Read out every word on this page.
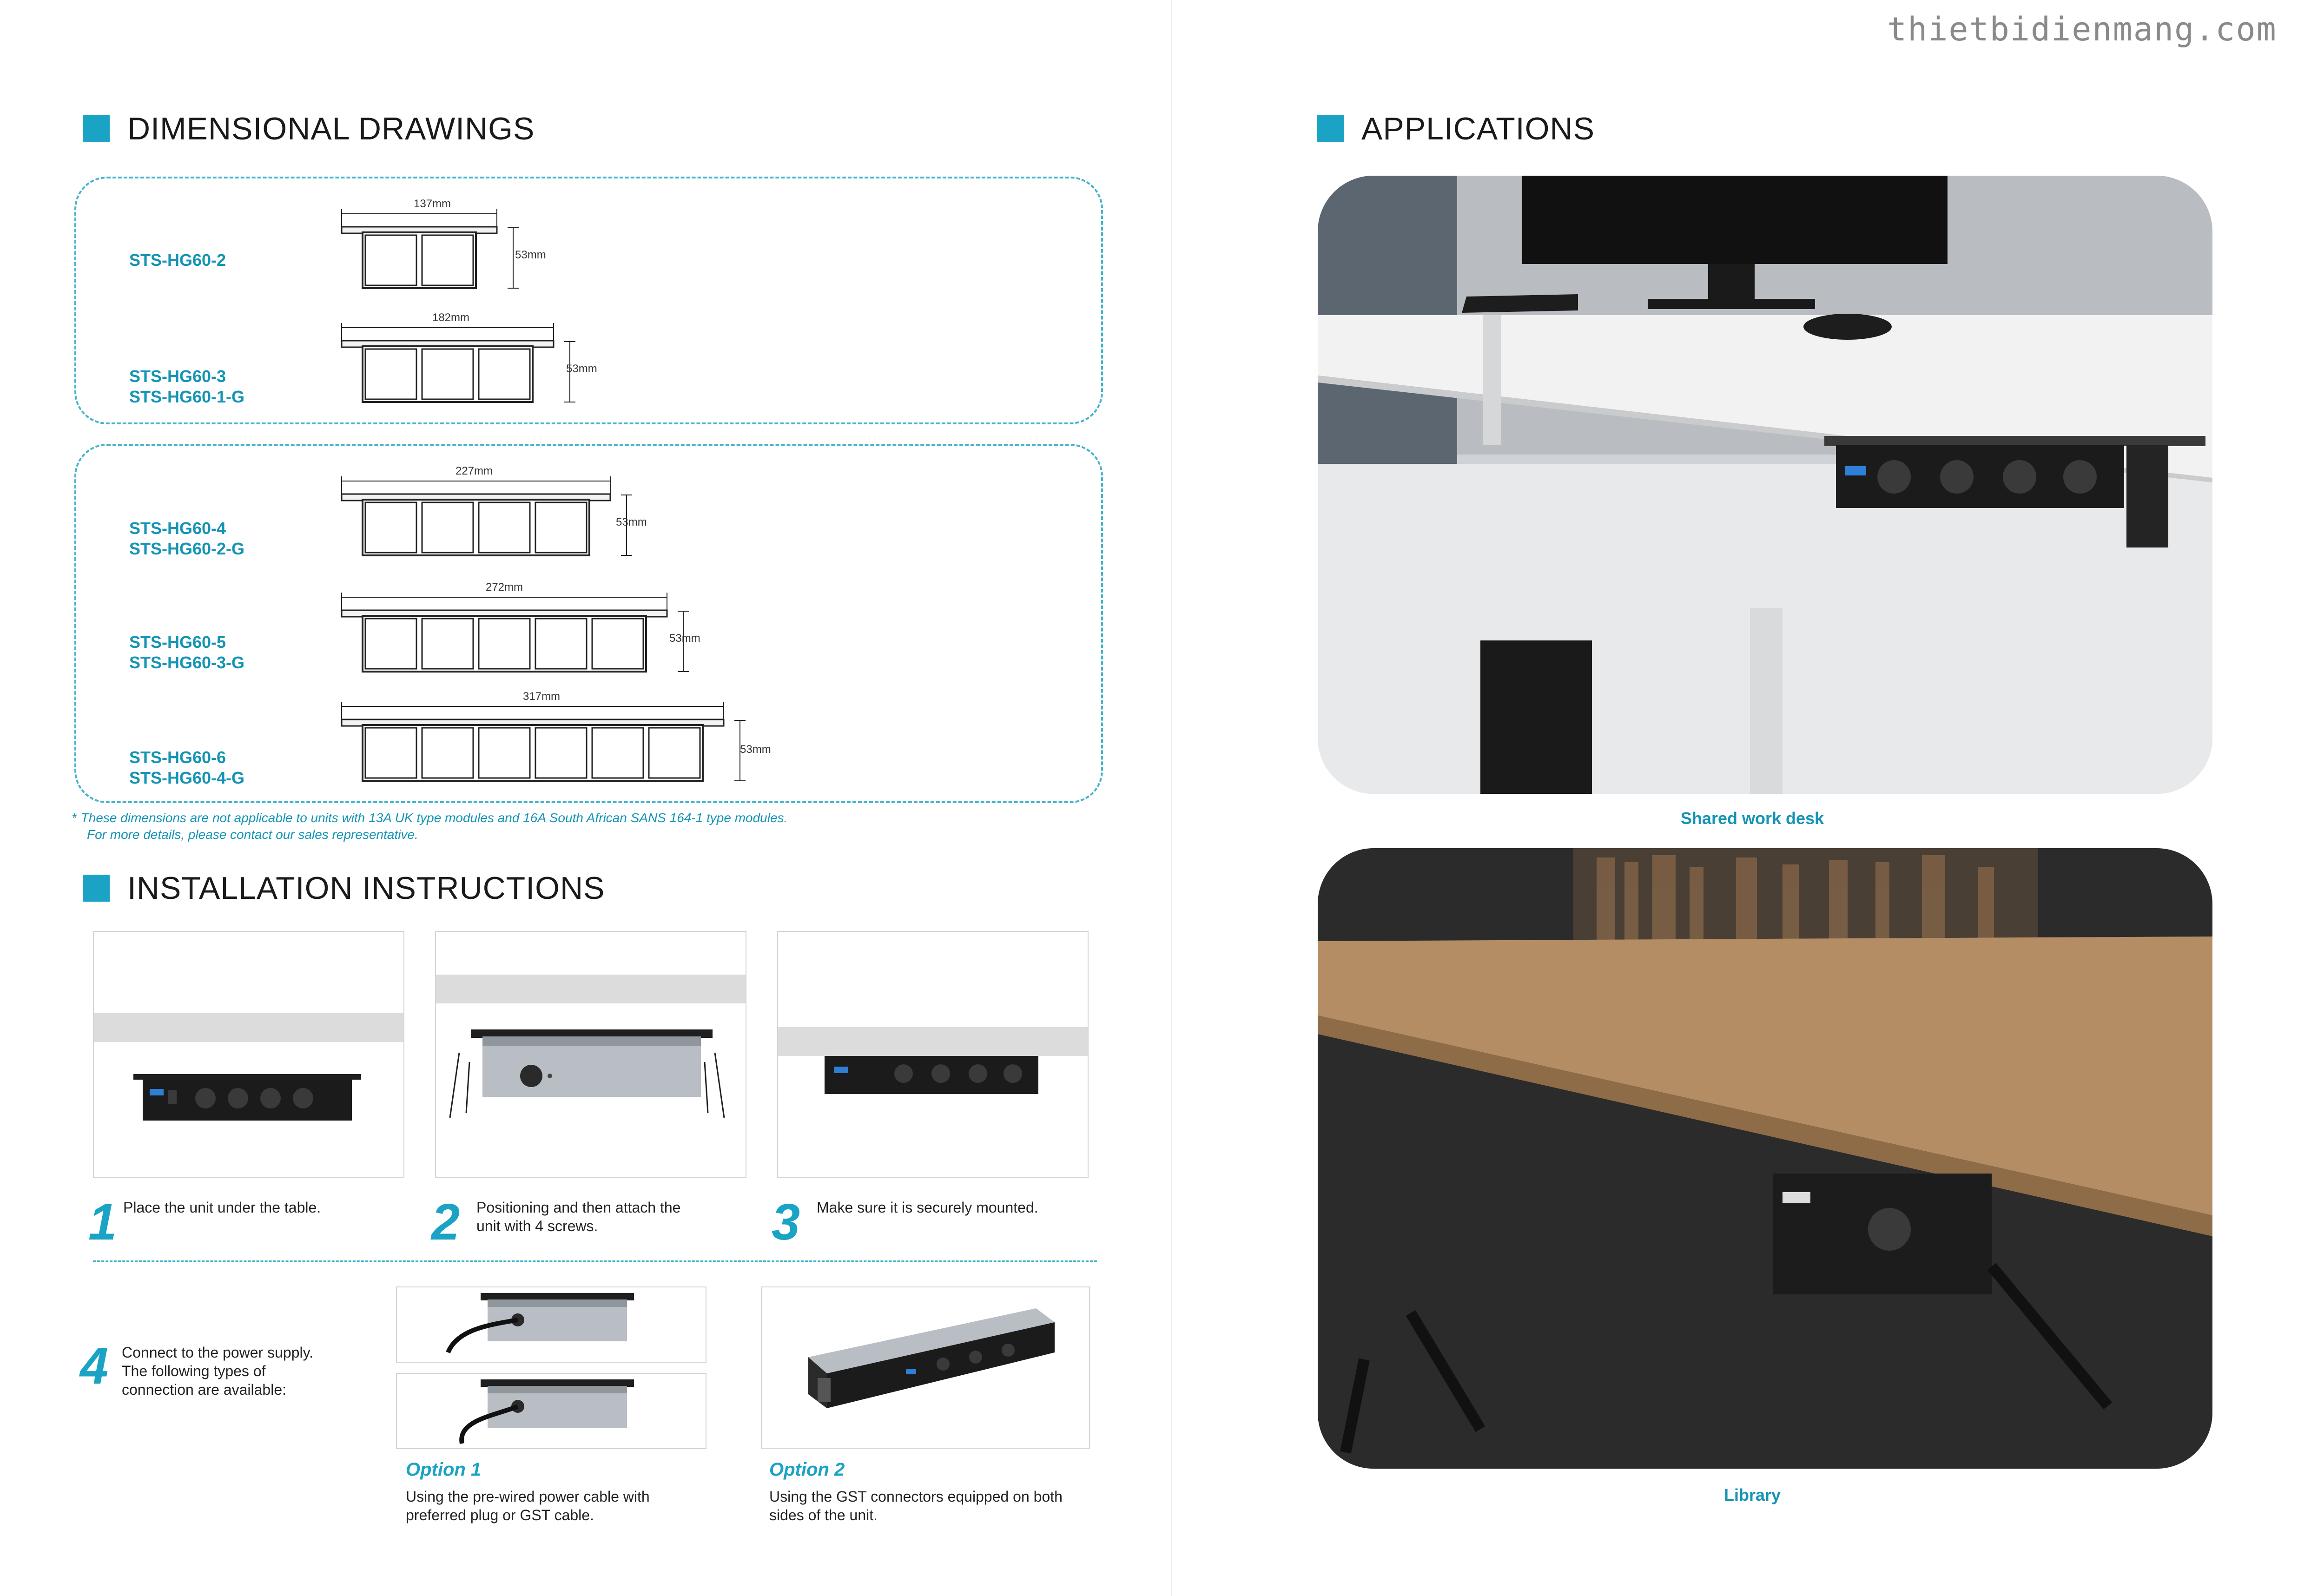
thietbidienmang.com
DIMENSIONAL DRAWINGS
STS-HG60-2
STS-HG60-3
STS-HG60-1-G
STS-HG60-4
STS-HG60-2-G
STS-HG60-5
STS-HG60-3-G
STS-HG60-6
STS-HG60-4-G
137mm
53mm
182mm
53mm
227mm
53mm
272mm
53mm
317mm
53mm
* These dimensions are not applicable to units with 13A UK type modules and 16A South African SANS 164-1 type modules.
For more details, please contact our sales representative.
INSTALLATION INSTRUCTIONS
1 Place the unit under the table.	2 Positioning and then attach the unit with 4 screws.	3 Make sure it is securely mounted.
4 Connect to the power supply. The following types of connection are available:
Option 1
Using the pre-wired power cable with preferred plug or GST cable.
Option 2
Using the GST connectors equipped on both sides of the unit.
APPLICATIONS
Shared work desk
Library
